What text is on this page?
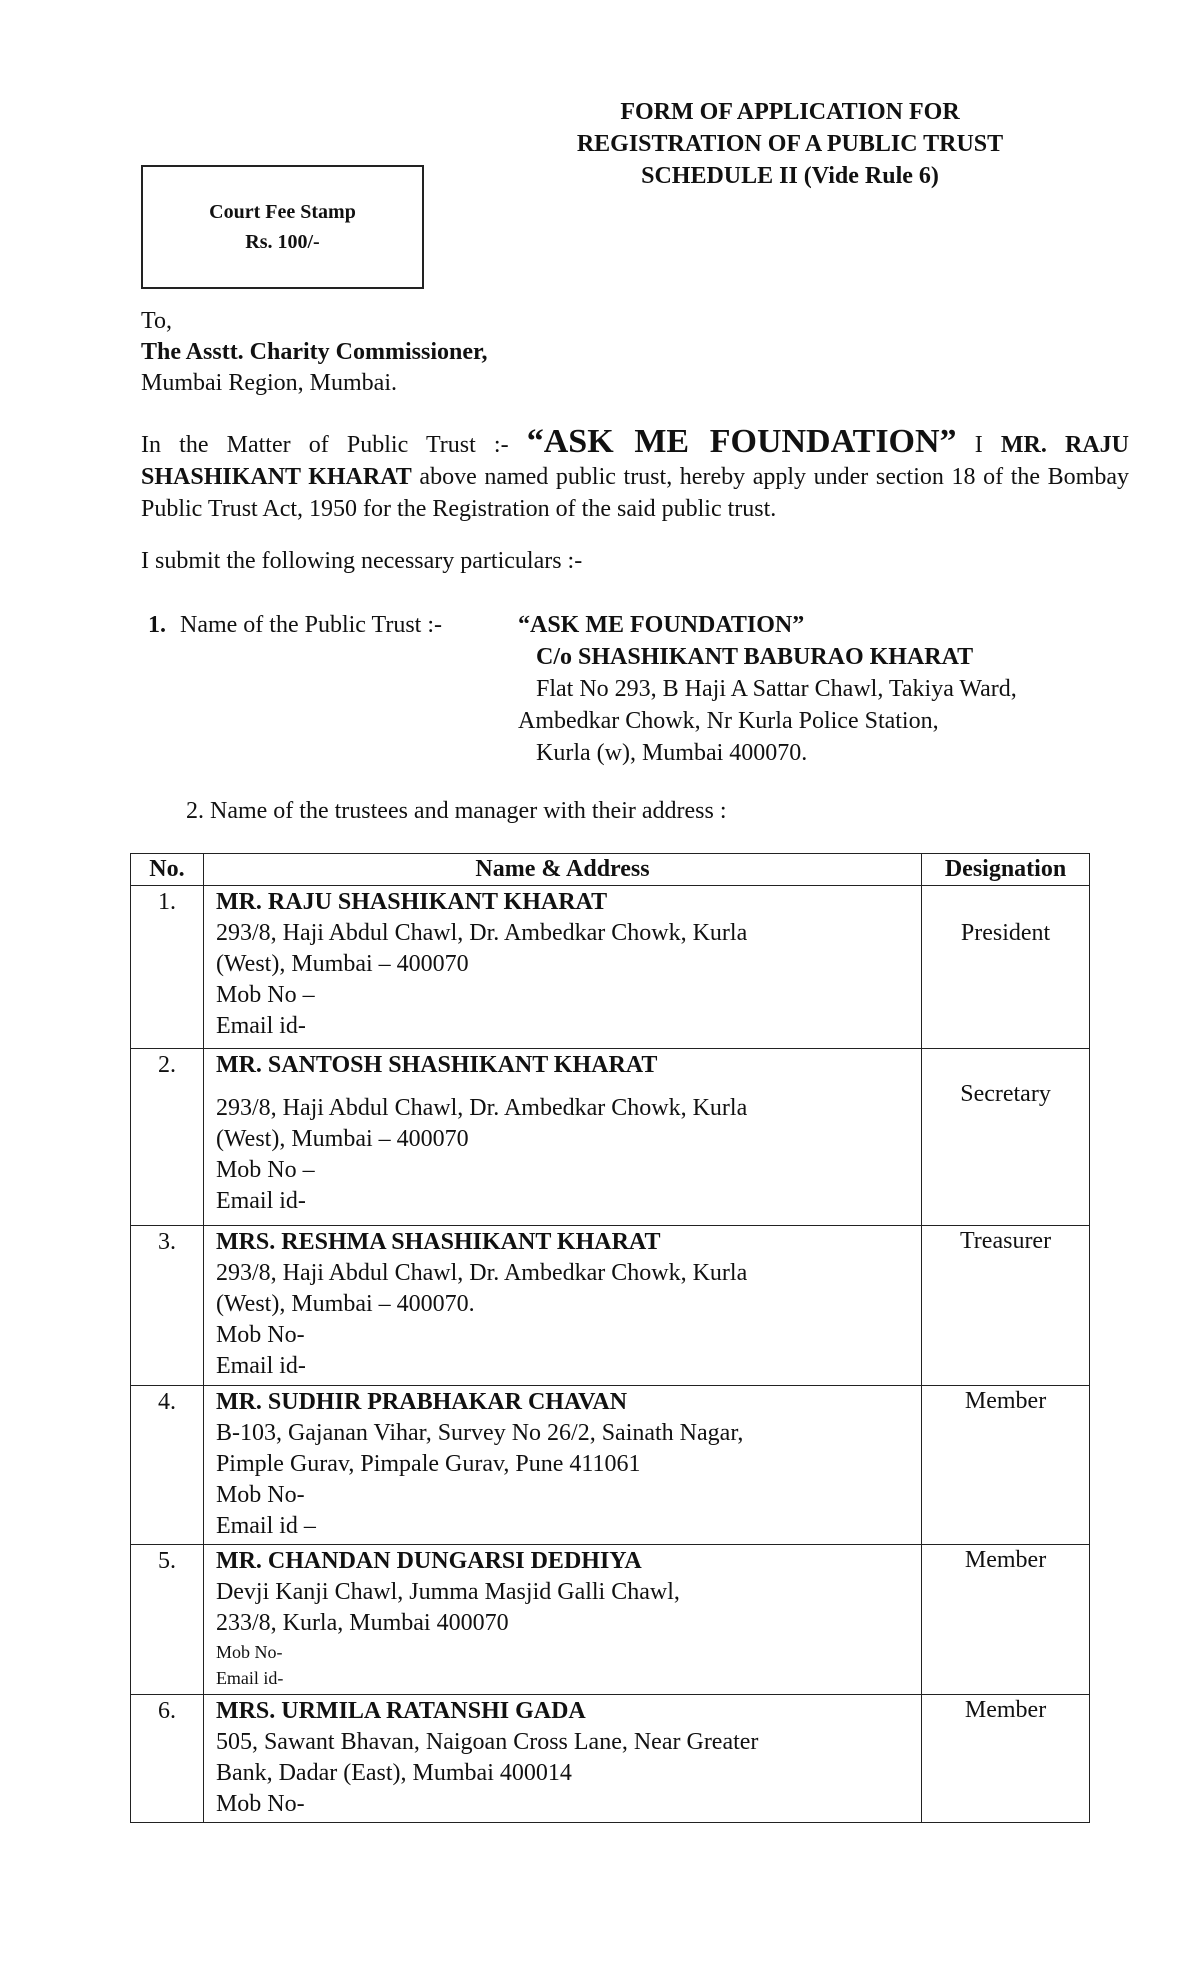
FORM OF APPLICATION FOR
REGISTRATION OF A PUBLIC TRUST
SCHEDULE II (Vide Rule 6)
Court Fee Stamp
Rs. 100/-
To,
The Asstt. Charity Commissioner,
Mumbai Region, Mumbai.
In the Matter of Public Trust :- “ASK ME FOUNDATION” I MR. RAJU SHASHIKANT KHARAT above named public trust, hereby apply under section 18 of the Bombay Public Trust Act, 1950 for the Registration of the said public trust.
I submit the following necessary particulars :-
1. Name of the Public Trust :-	“ASK ME FOUNDATION”
C/o SHASHIKANT BABURAO KHARAT
Flat No 293, B Haji A Sattar Chawl, Takiya Ward,
Ambedkar Chowk, Nr Kurla Police Station,
Kurla (w), Mumbai 400070.
2. Name of the trustees and manager with their address :
No.	Name & Address	Designation
1.	MR. RAJU SHASHIKANT KHARAT
293/8, Haji Abdul Chawl, Dr. Ambedkar Chowk, Kurla
(West), Mumbai – 400070
Mob No –
Email id-	President
2.	MR. SANTOSH SHASHIKANT KHARAT
293/8, Haji Abdul Chawl, Dr. Ambedkar Chowk, Kurla
(West), Mumbai – 400070
Mob No –
Email id-	Secretary
3.	MRS. RESHMA SHASHIKANT KHARAT
293/8, Haji Abdul Chawl, Dr. Ambedkar Chowk, Kurla
(West), Mumbai – 400070.
Mob No-
Email id-	Treasurer
4.	MR. SUDHIR PRABHAKAR CHAVAN
B-103, Gajanan Vihar, Survey No 26/2, Sainath Nagar,
Pimple Gurav, Pimpale Gurav, Pune 411061
Mob No-
Email id –	Member
5.	MR. CHANDAN DUNGARSI DEDHIYA
Devji Kanji Chawl, Jumma Masjid Galli Chawl,
233/8, Kurla, Mumbai 400070
Mob No-
Email id-	Member
6.	MRS. URMILA RATANSHI GADA
505, Sawant Bhavan, Naigoan Cross Lane, Near Greater
Bank, Dadar (East), Mumbai 400014
Mob No-	Member
